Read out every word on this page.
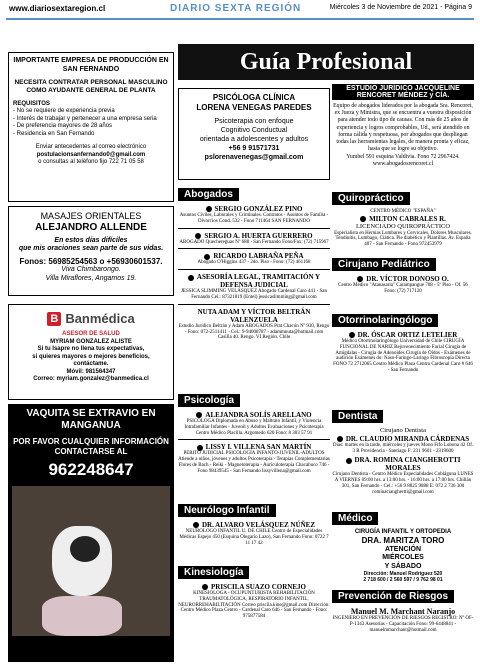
www.diariosextaregion.cl	DIARIO SEXTA REGIÓN	Miércoles 3 de Noviembre de 2021 - Página 9
IMPORTANTE EMPRESA DE PRODUCCIÓN EN SAN FERNANDO
NECESITA CONTRATAR PERSONAL MASCULINO COMO AYUDANTE GENERAL DE PLANTA
REQUISITOS
- No se requiere de experiencia previa
- Interés de trabajar y pertenecer a una empresa seria
- De preferencia mayores de 28 años
- Residencia en San Fernando
Enviar antecedentes al correo electrónico
postulacionsanfernando0@gmail.com
o consultas al teléfono fijo 722 71 05 58
MASAJES ORIENTALES
ALEJANDRO ALLENDE
En estos días difíciles
que mis oraciones sean parte de sus vidas.
Fonos: 56985254563 o +56930601537.
Viva Chimbarongo.
Villa Miraflores, Angamos 19.
B Banmédica
ASESOR DE SALUD
MYRIAM GONZALEZ ALISTE
Si tu Isapre no llena tus expectativas,
si quieres mayores o mejores beneficios,
contáctame.
Móvil: 981564347
Correo: myriam.gonzalez@banmedica.cl
VAQUITA SE EXTRAVIO EN MANGANUA
POR FAVOR CUALQUIER INFORMACIÓN CONTACTARSE AL
962248647
Guía Profesional
PSICÓLOGA CLÍNICA
LORENA VENEGAS PAREDES
Psicoterapia con enfoque
Cognitivo Conductual
orientada a adolescentes y adultos
+56 9 91571731
pslorenavenegas@gmail.com
Abogados
SERGIO GONZÁLEZ PINO
Asuntos Civiles, Laborales y Criminales. Contratos - Asuntos de Familia - Divorcios Cond. 532 - Fono 711464 SAN FERNANDO
SERGIO A. HUERTA GUERRERO
ABOGADO Quechereguas Nº 688 - San Fernando Fono/Fax: (72) 715967
RICARDO LABRAÑA PEÑA
Abogado O'Higgins 437 - 2do. Piso - Fono: (72) 461168
ASESORÍA LEGAL, TRAMITACIÓN Y DEFENSA JUDICIAL
JESSICA SLIMMING VELÁSQUEZ Abogado Cardenal Caro 441 - San Fernando Cel.: 87321819 (Entel) jessicaslimming@gmail.com
NUTA ADAM Y VÍCTOR BELTRÁN VALENZUELA
Estudio Jurídico Beltrán y Adam ABOGADOS Prat Chacón Nº 930, Rengo - Fono: 072-2511411 - Cel.: 9-94008787 - adammnuta@hotmail.com Casilla 40. Rengo. VI Región. Chile
Psicología
ALEJANDRA SOLÍS ARELLANO
PSICÓLOGA Diplomada en Abuso y Maltrato Infantil, y Violencia Intrafamiliar Infantes - Juvenil y Adultos Evaluaciones y Psicoterapia Centro Médico Placilla. Argomedo 620 Fono: 8 303 57 91
LISSY I. VILLENA SAN MARTÍN
PERITO JUDICIAL PSICOLOGÍA INFANTO-JUVENIL-ADULTOS Atiende a niños, jóvenes y adultos Psicoterapia - Terapias Complementarias Flores de Bach - Reiki - Magnetoterapia - Auriculoterapia Chacabuco 746 - Fono 98439545 - San Fernando lissyvillena@gmail.com
Neurólogo Infantil
DR. ALVARO VELÁSQUEZ NÚÑEZ
NEUROLOGO INFANTIL U. DE CHILE Centro de Especialidades Médicas Espejo 450 (Esquina Olegario Lazo), San Fernando Fono: 0722 7 11 17 42
Kinesiología
PRISCILA SUAZO CORNEJO
KINESIOLOGA - OCUPUNTURISTA REHABILITACIÓN TRAUMATOLÓGICA, RESPIRATORIO INFANTIL, NEURORREHABILITACIÓN Correo priscila.kine@gmail.com Dirección: Centro Médico Plaza Centro - Cardenal Caro 646 - San Fernando - Fono: 975877584
ESTUDIO JURÍDICO JACQUELINE RENCORET MÉNDEZ y CÍA.
Equipo de abogados liderados por la abogada Sra. Rencoret, ex Jueza y Ministra, que se encuentra a vuestra disposición para atender todo tipo de causas. Con más de 25 años de experiencia y logros comprobables, Ud., será atendido en forma cálida y respetuosa, por abogados que despliegan todas las herramientas legales, de manera pronta y eficaz, hasta que se logre su objetivo.
Yumbel 591 esquina Valdivia. Fono 72 2967424. www.abogadosrencoret.cl
Quiropráctico
CENTRO MÉDICO "ESPAÑA"
MILTON CABRALES R.
LICENCIADO QUIROPRÁCTICO
Especialista en Hernias Lumbares y Cervicales, Dolores Musculares. Tendinitis, Lumbago, Ciática. Pie diabético y Plantillas. Av. España 407 - San Fernando - Fono 972453979
Cirujano Pediátrico
DR. VÍCTOR DONOSO O.
Centro Médico "Atanasaria" Carampangue 708 - 5º Piso - Of. 56 Fono: (72) 717120
Otorrinolaringólogo
DR. ÓSCAR ORTIZ LETELIER
Médico Otorrinolaringólogo Universidad de Chile CIRUGÍA FUNCIONAL DE NARIZ Rejuvenecimiento Facial Cirugía de Amígdalas - Cirugía de Adenoides Cirugía de Oídos - Exámenes de audición Exámenes do: Naso-Faringo-Laringo Fibroscopía Directa FONO 72 2712065 Centro Médico Plaza Centro Cardenal Caro # 646 - San Fernando
Dentista
Cirujano Dentista
DR. CLAUDIO MIRANDA CÁRDENAS
Días: martes en la tarde, miércoles y jueves Mono Fifo Lobona 42 Of. 3 R Providencia - Santiago F: 231 9601 - 2319600
DRA. ROMINA CIANGHEROTTI MORALES
Cirujano Dentista - Centro Médico Especialidades Cobláguna LUNES A VIERNES 09:00 hrs. a 13:00 hrs. - 16:00 hrs. a 17:00 hrs. Chillán 301, San Fernando - Cel.: +56 9 8825 9888 E: 072 2 736 300 rominacianghertti@gmail.com
Médico
CIRUGÍA INFANTIL Y ORTOPEDIA
DRA. MARITZA TORO
ATENCIÓN
MIÉRCOLES
Y SÁBADO
Dirección: Manuel Rodríguez 520
2 718 600 / 2 560 597 / 9 762 98 01
Prevención de Riesgos
Manuel M. Marchant Naranjo
INGENIERO EN PREVENCIÓN DE RIESGOS REGISTRO: Nº OF-P-1343 Asesorías - Capacitación Fono: 99-6448841 - manuelmmarchant@hotmail.com
